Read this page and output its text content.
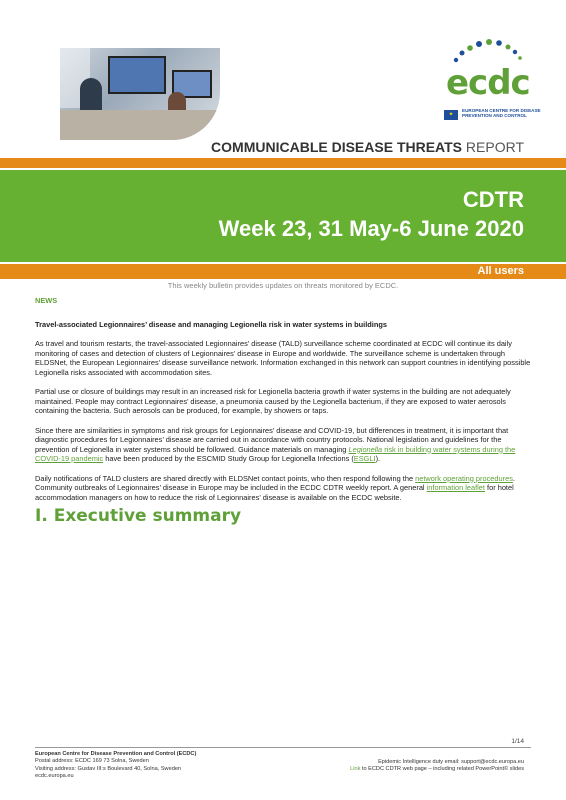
ecdc
✦
EUROPEAN CENTRE FOR DISEASE PREVENTION AND CONTROL
COMMUNICABLE DISEASE THREATS REPORT
CDTR
Week 23, 31 May-6 June 2020
All users
This weekly bulletin provides updates on threats monitored by ECDC.
NEWS
Travel-associated Legionnaires’ disease and managing Legionella risk in water systems in buildings
As travel and tourism restarts, the travel-associated Legionnaires’ disease (TALD) surveillance scheme coordinated at ECDC will continue its daily monitoring of cases and detection of clusters of Legionnaires’ disease in Europe and worldwide. The surveillance scheme is undertaken through ELDSNet, the European Legionnaires’ disease surveillance network. Information exchanged in this network can support countries in identifying possible Legionella risks associated with accommodation sites.
Partial use or closure of buildings may result in an increased risk for Legionella bacteria growth if water systems in the building are not adequately maintained. People may contract Legionnaires’ disease, a pneumonia caused by the Legionella bacterium, if they are exposed to water aerosols containing the bacteria. Such aerosols can be produced, for example, by showers or taps.
Since there are similarities in symptoms and risk groups for Legionnaires’ disease and COVID-19, but differences in treatment, it is important that diagnostic procedures for Legionnaires’ disease are carried out in accordance with country protocols. National legislation and guidelines for the prevention of Legionella in water systems should be followed. Guidance materials on managing Legionella risk in building water systems during the COVID-19 pandemic have been produced by the ESCMID Study Group for Legionella Infections (ESGLI).
Daily notifications of TALD clusters are shared directly with ELDSNet contact points, who then respond following the network operating procedures. Community outbreaks of Legionnaires’ disease in Europe may be included in the ECDC CDTR weekly report. A general information leaflet for hotel accommodation managers on how to reduce the risk of Legionnaires’ disease is available on the ECDC website.
I. Executive summary
1/14
European Centre for Disease Prevention and Control (ECDC)
Postal address: ECDC 169 73 Solna, Sweden
Visiting address: Gustav III:s Boulevard 40, Solna, Sweden
ecdc.europa.eu
Epidemic Intelligence duty email: support@ecdc.europa.eu
Link to ECDC CDTR web page – including related PowerPoint© slides
